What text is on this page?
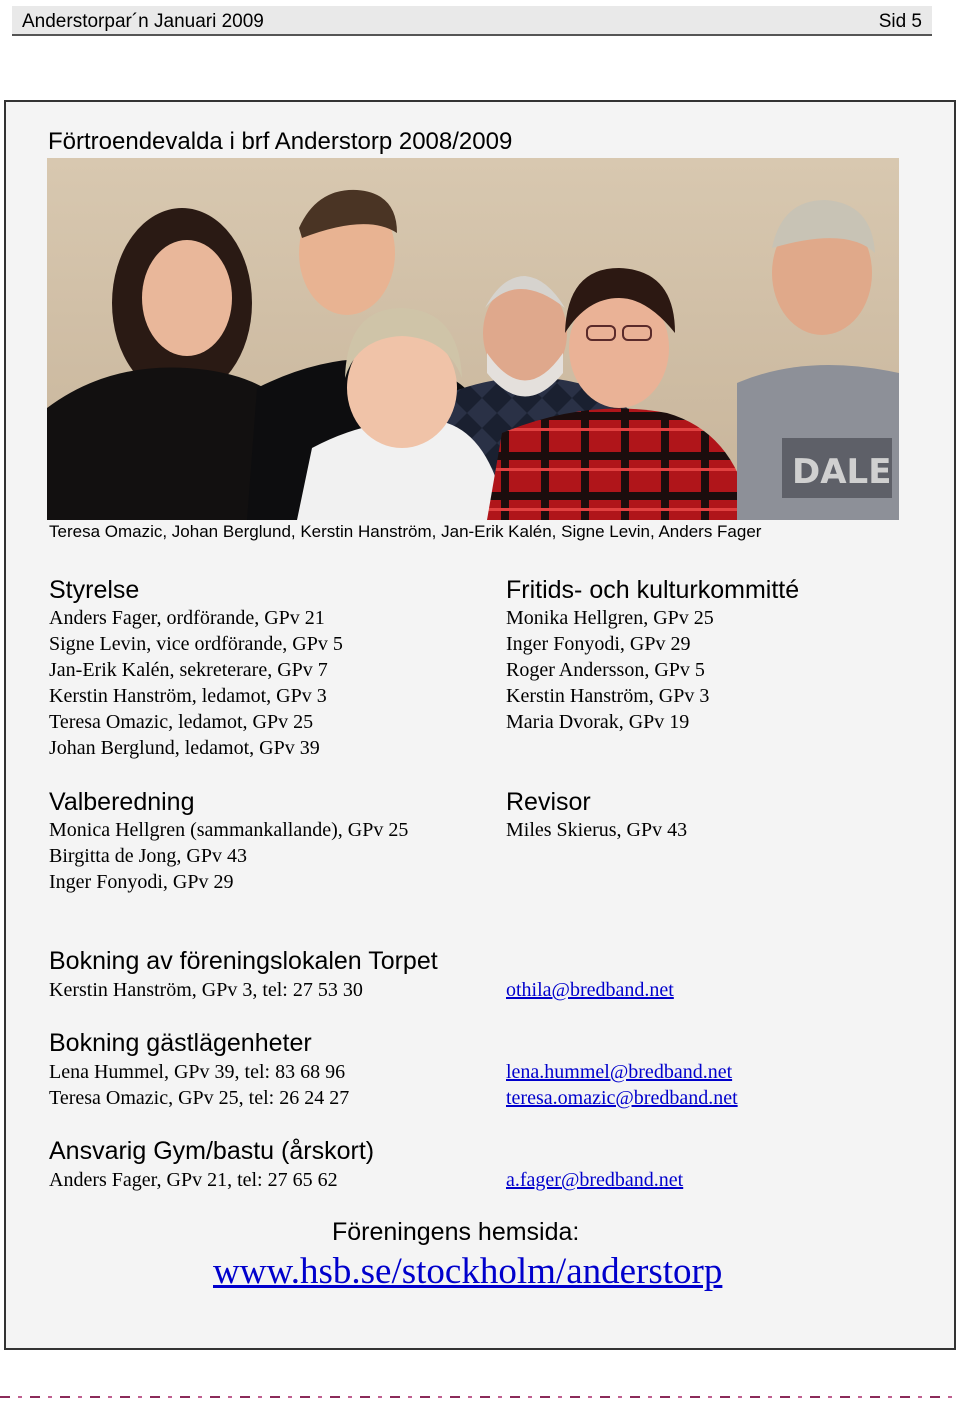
Anderstorpar´n Januari 2009	Sid 5
Förtroendevalda i brf Anderstorp 2008/2009
DALE
Teresa Omazic, Johan Berglund, Kerstin Hanström, Jan-Erik Kalén, Signe Levin, Anders Fager
Styrelse
Anders Fager, ordförande, GPv 21
Signe Levin, vice ordförande, GPv 5
Jan-Erik Kalén, sekreterare, GPv 7
Kerstin Hanström, ledamot, GPv 3
Teresa Omazic, ledamot, GPv 25
Johan Berglund, ledamot, GPv 39
Fritids- och kulturkommitté
Monika Hellgren, GPv 25
Inger Fonyodi, GPv 29
Roger Andersson, GPv 5
Kerstin Hanström, GPv 3
Maria Dvorak, GPv 19
Valberedning
Monica Hellgren (sammankallande), GPv 25
Birgitta de Jong, GPv 43
Inger Fonyodi, GPv 29
Revisor
Miles Skierus, GPv 43
Bokning av föreningslokalen Torpet
Kerstin Hanström, GPv 3, tel: 27 53 30	othila@bredband.net
Bokning gästlägenheter
Lena Hummel, GPv 39, tel: 83 68 96	lena.hummel@bredband.net
Teresa Omazic, GPv 25, tel: 26 24 27	teresa.omazic@bredband.net
Ansvarig Gym/bastu (årskort)
Anders Fager, GPv 21, tel: 27 65 62	a.fager@bredband.net
Föreningens hemsida:
www.hsb.se/stockholm/anderstorp
